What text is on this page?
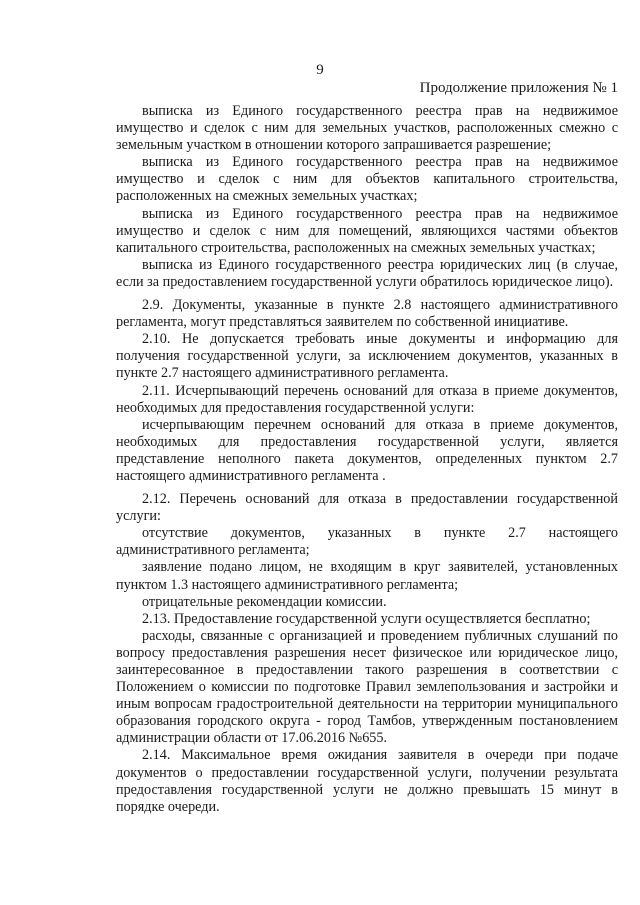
9
Продолжение приложения № 1

выписка из Единого государственного реестра прав на недвижимое имущество и сделок с ним для земельных участков, расположенных смежно с земельным участком в отношении которого запрашивается разрешение;

выписка из Единого государственного реестра прав на недвижимое имущество и сделок с ним для объектов капитального строительства, расположенных на смежных земельных участках;

выписка из Единого государственного реестра прав на недвижимое имущество и сделок с ним для помещений, являющихся частями объектов капитального строительства, расположенных на смежных земельных участках;

выписка из Единого государственного реестра юридических лиц (в случае, если за предоставлением государственной услуги обратилось юридическое лицо).

2.9. Документы, указанные в пункте 2.8 настоящего административного регламента, могут представляться заявителем по собственной инициативе.

2.10. Не допускается требовать иные документы и информацию для получения государственной услуги, за исключением документов, указанных в пункте 2.7 настоящего административного регламента.

2.11. Исчерпывающий перечень оснований для отказа в приеме документов, необходимых для предоставления государственной услуги:

исчерпывающим перечнем оснований для отказа в приеме документов, необходимых для предоставления государственной услуги, является представление неполного пакета документов, определенных пунктом 2.7 настоящего административного регламента .

2.12. Перечень оснований для отказа в предоставлении государственной услуги:

отсутствие документов, указанных в пункте 2.7 настоящего административного регламента;

заявление подано лицом, не входящим в круг заявителей, установленных пунктом 1.3 настоящего административного регламента;

отрицательные рекомендации комиссии.

2.13. Предоставление государственной услуги осуществляется бесплатно;

расходы, связанные с организацией и проведением публичных слушаний по вопросу предоставления разрешения несет физическое или юридическое лицо, заинтересованное в предоставлении такого разрешения в соответствии с Положением о комиссии по подготовке Правил землепользования и застройки и иным вопросам градостроительной деятельности на территории муниципального образования городского округа - город Тамбов, утвержденным постановлением администрации области от 17.06.2016 №655.

2.14. Максимальное время ожидания заявителя в очереди при подаче документов о предоставлении государственной услуги, получении результата предоставления государственной услуги не должно превышать 15 минут в порядке очереди.
